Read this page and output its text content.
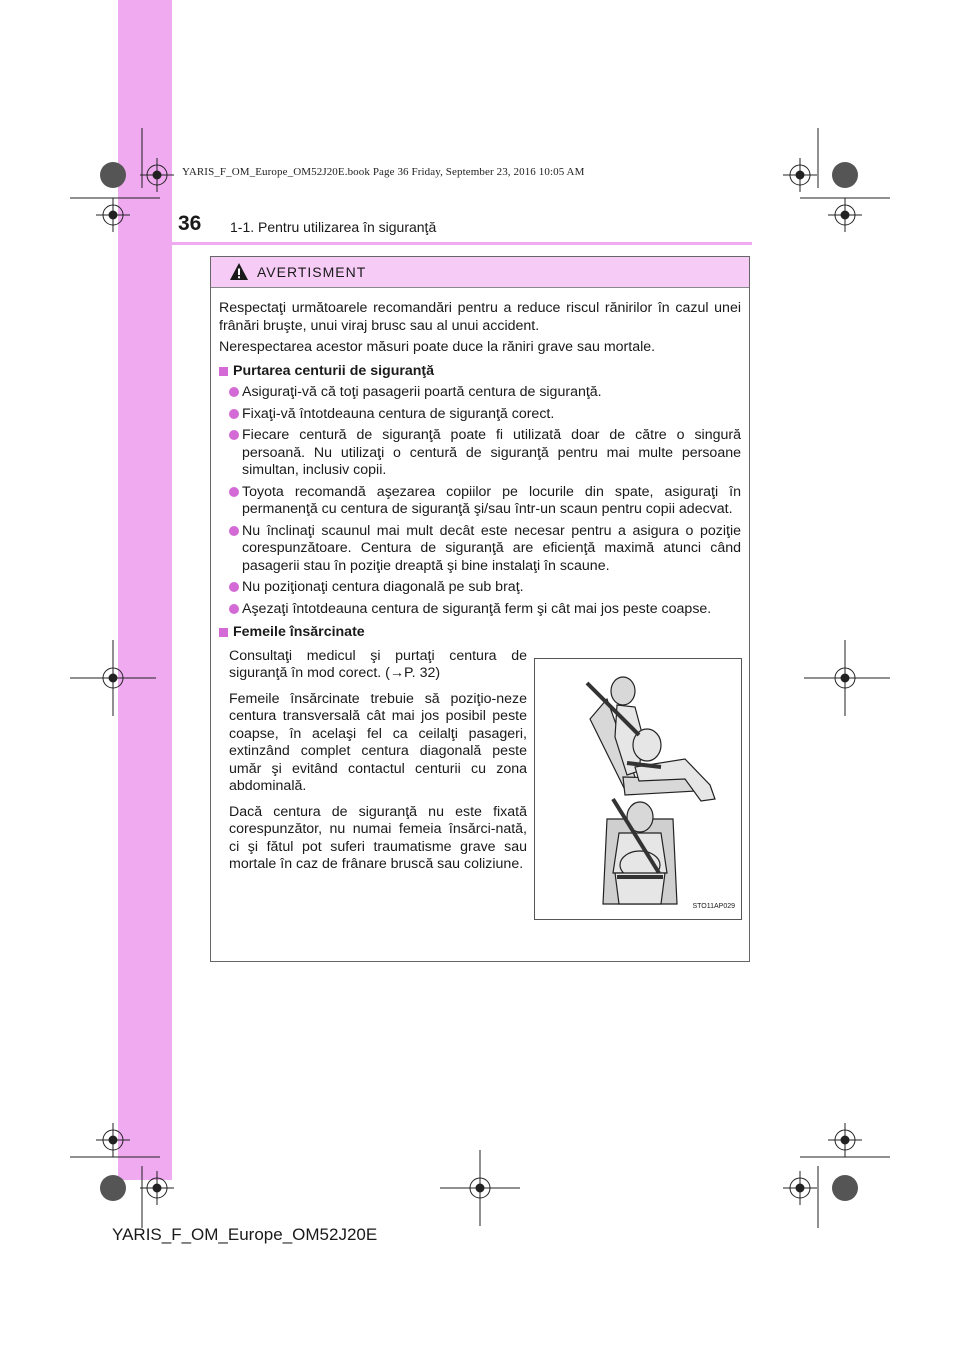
YARIS_F_OM_Europe_OM52J20E.book Page 36 Friday, September 23, 2016 10:05 AM
36 1-1. Pentru utilizarea în siguranţă
AVERTISMENT

Respectaţi următoarele recomandări pentru a reduce riscul rănirilor în cazul unei frânări bruşte, unui viraj brusc sau al unui accident.

Nerespectarea acestor măsuri poate duce la răniri grave sau mortale.

Purtarea centurii de siguranţă
Asiguraţi-vă că toţi pasagerii poartă centura de siguranţă.
Fixaţi-vă întotdeauna centura de siguranţă corect.
Fiecare centură de siguranţă poate fi utilizată doar de către o singură persoană. Nu utilizaţi o centură de siguranţă pentru mai multe persoane simultan, inclusiv copii.
Toyota recomandă aşezarea copiilor pe locurile din spate, asiguraţi în permanenţă cu centura de siguranţă şi/sau într-un scaun pentru copii adecvat.
Nu înclinaţi scaunul mai mult decât este necesar pentru a asigura o poziţie corespunzătoare. Centura de siguranţă are eficienţă maximă atunci când pasagerii stau în poziţie dreaptă şi bine instalaţi în scaune.
Nu poziţionaţi centura diagonală pe sub braţ.
Aşezaţi întotdeauna centura de siguranţă ferm şi cât mai jos peste coapse.
Femeile însărcinate

Consultaţi medicul şi purtaţi centura de siguranţă în mod corect. (→P. 32)

Femeile însărcinate trebuie să poziţio-neze centura transversală cât mai jos posibil peste coapse, în acelaşi fel ca ceilalţi pasageri, extinzând complet centura diagonală peste umăr şi evitând contactul centurii cu zona abdominală.

Dacă centura de siguranţă nu este fixată corespunzător, nu numai femeia însărci-nată, ci şi fătul pot suferi traumatisme grave sau mortale în caz de frânare bruscă sau coliziune.

STO11AP029
YARIS_F_OM_Europe_OM52J20E
